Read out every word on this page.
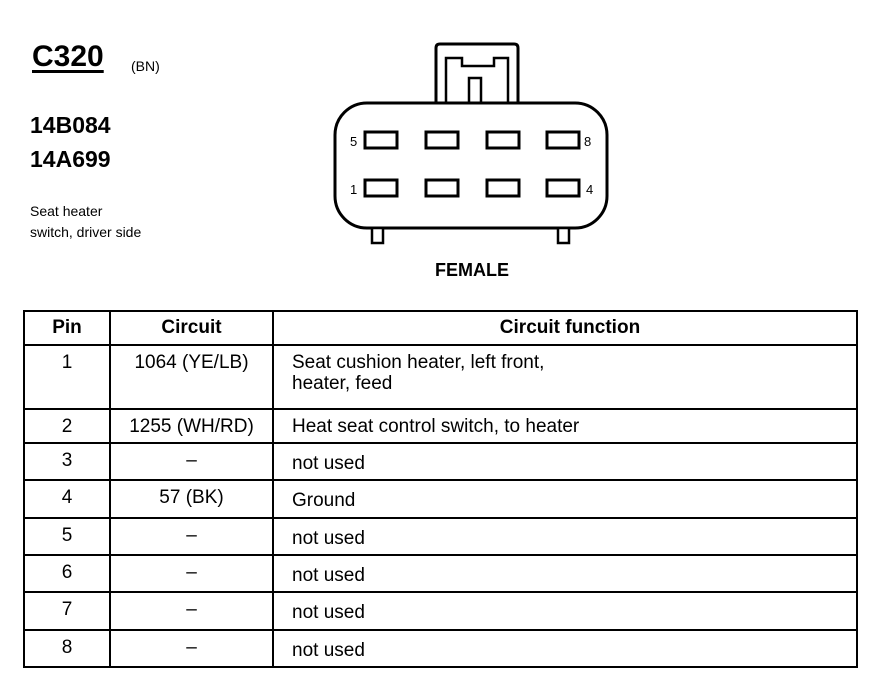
C320 (BN)
14B084
14A699
Seat heater
switch, driver side
5	8
1	4
FEMALE
Pin	Circuit	Circuit function
1	1064 (YE/LB)	Seat cushion heater, left front,
heater, feed

2	1255 (WH/RD)	Heat seat control switch, to heater
3	–	not used
4	57 (BK)	Ground
5	–	not used
6	–	not used
7	–	not used
8	–	not used
